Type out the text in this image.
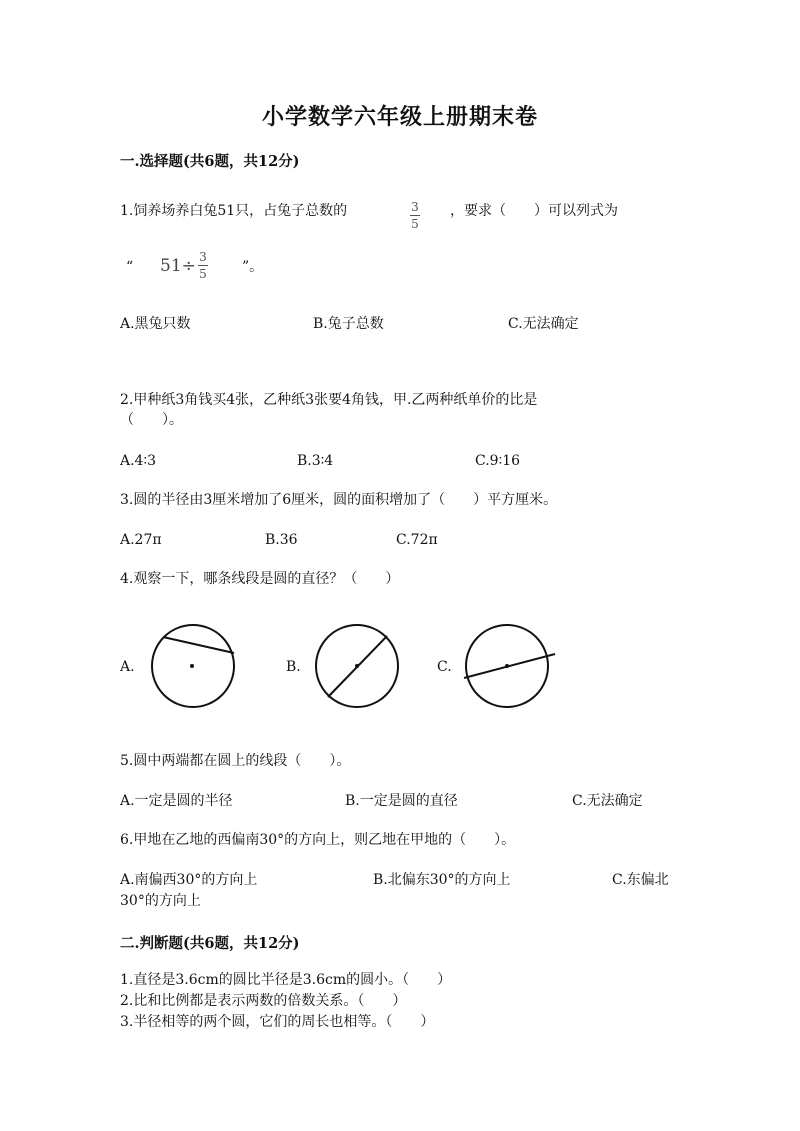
小学数学六年级上册期末卷
一.选择题(共6题，共12分)
1.饲养场养白兔51只，占兔子总数的	$\frac{3}{5}$ ，要求（　　）可以列式为
“ $51\div \frac{3}{5}$ ”。
A.黑兔只数	B.兔子总数	C.无法确定
2.甲种纸3角钱买4张，乙种纸3张要4角钱，甲.乙两种纸单价的比是
（　　）。
A.4∶3	B.3∶4	C.9∶16
3.圆的半径由3厘米增加了6厘米，圆的面积增加了（　　）平方厘米。
A.27π	B.36	C.72π
4.观察一下，哪条线段是圆的直径？（　　）
A.	B.	C.
5.圆中两端都在圆上的线段（　　）。
A.一定是圆的半径	B.一定是圆的直径	C.无法确定
6.甲地在乙地的西偏南30°的方向上，则乙地在甲地的（　　）。
A.南偏西30°的方向上	B.北偏东30°的方向上	C.东偏北
30°的方向上
二.判断题(共6题，共12分)
1.直径是3.6cm的圆比半径是3.6cm的圆小。（　　）
2.比和比例都是表示两数的倍数关系。（　　）
3.半径相等的两个圆，它们的周长也相等。（　　）
